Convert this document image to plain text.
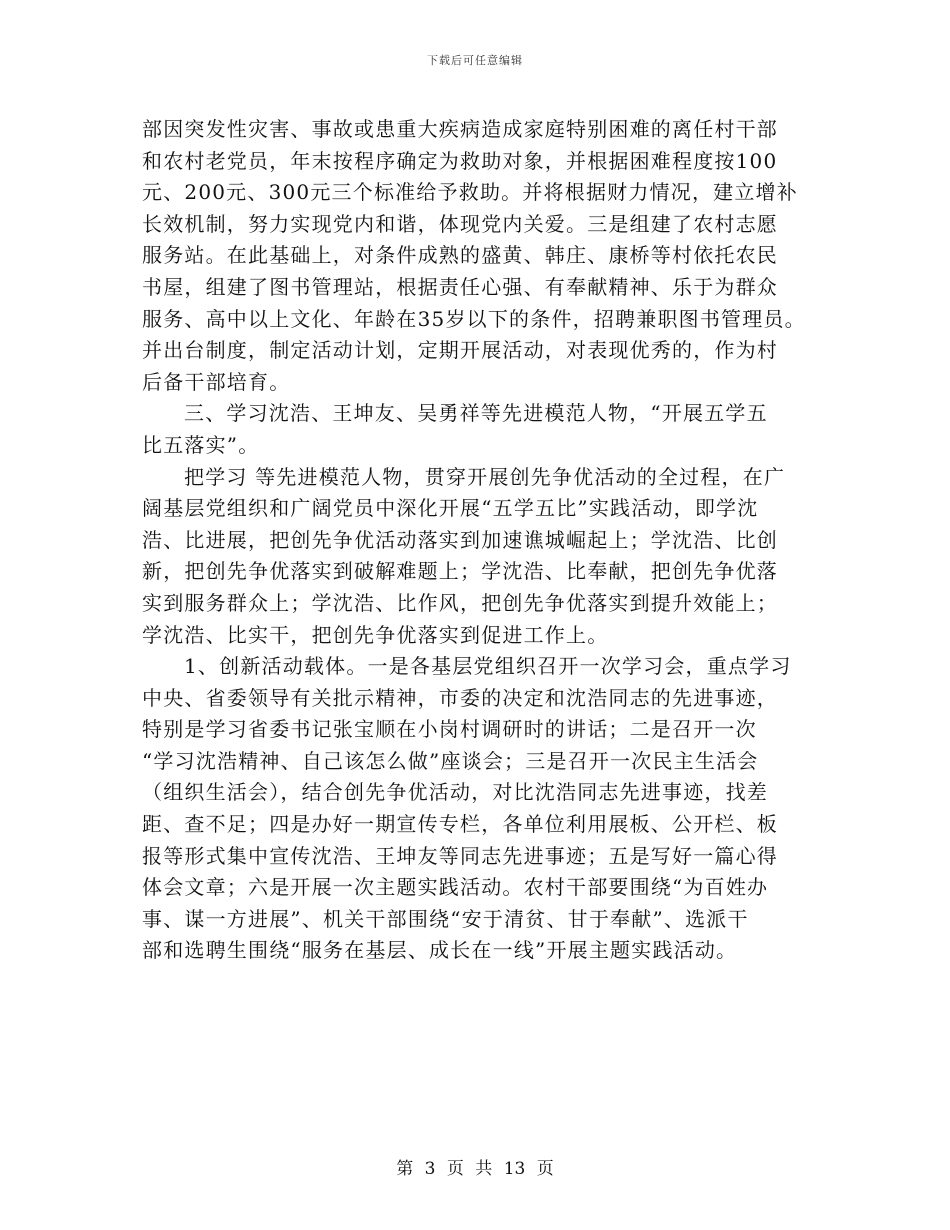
下载后可任意编辑
部因突发性灾害、事故或患重大疾病造成家庭特别困难的离任村干部
和农村老党员，年末按程序确定为救助对象，并根据困难程度按100
元、200元、300元三个标准给予救助。并将根据财力情况，建立增补
长效机制，努力实现党内和谐，体现党内关爱。三是组建了农村志愿
服务站。在此基础上，对条件成熟的盛黄、韩庄、康桥等村依托农民
书屋，组建了图书管理站，根据责任心强、有奉献精神、乐于为群众
服务、高中以上文化、年龄在35岁以下的条件，招聘兼职图书管理员。
并出台制度，制定活动计划，定期开展活动，对表现优秀的，作为村
后备干部培育。
三、学习沈浩、王坤友、吴勇祥等先进模范人物，“开展五学五
比五落实”。
把学习 等先进模范人物，贯穿开展创先争优活动的全过程，在广
阔基层党组织和广阔党员中深化开展“五学五比”实践活动，即学沈
浩、比进展，把创先争优活动落实到加速谯城崛起上；学沈浩、比创
新，把创先争优落实到破解难题上；学沈浩、比奉献，把创先争优落
实到服务群众上；学沈浩、比作风，把创先争优落实到提升效能上；
学沈浩、比实干，把创先争优落实到促进工作上。
1、创新活动载体。一是各基层党组织召开一次学习会，重点学习
中央、省委领导有关批示精神，市委的决定和沈浩同志的先进事迹，
特别是学习省委书记张宝顺在小岗村调研时的讲话；二是召开一次
“学习沈浩精神、自己该怎么做”座谈会；三是召开一次民主生活会
（组织生活会），结合创先争优活动，对比沈浩同志先进事迹，找差
距、查不足；四是办好一期宣传专栏，各单位利用展板、公开栏、板
报等形式集中宣传沈浩、王坤友等同志先进事迹；五是写好一篇心得
体会文章；六是开展一次主题实践活动。农村干部要围绕“为百姓办
事、谋一方进展”、机关干部围绕“安于清贫、甘于奉献”、选派干
部和选聘生围绕“服务在基层、成长在一线”开展主题实践活动。
第 3 页 共 13 页
